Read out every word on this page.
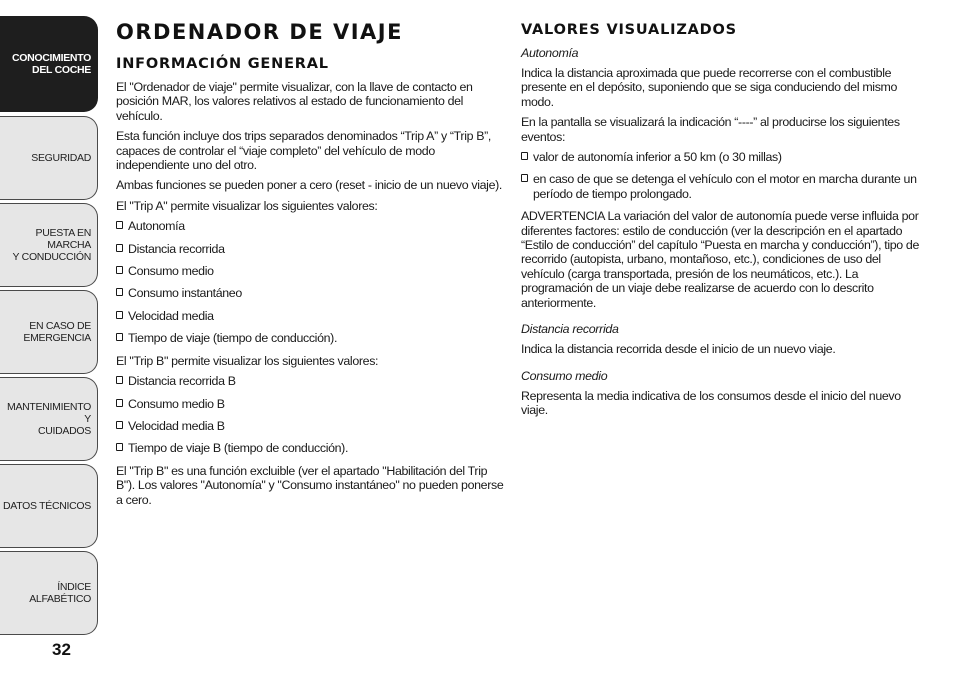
CONOCIMIENTO
DEL COCHE
SEGURIDAD
PUESTA EN MARCHA
Y CONDUCCIÓN
EN CASO DE
EMERGENCIA
MANTENIMIENTO Y
CUIDADOS
DATOS TÉCNICOS
ÍNDICE ALFABÉTICO
32
ORDENADOR DE VIAJE
INFORMACIÓN GENERAL

El "Ordenador de viaje" permite visualizar, con la llave de contacto en posición MAR, los valores relativos al estado de funcionamiento del vehículo.

Esta función incluye dos trips separados denominados “Trip A” y “Trip B”, capaces de controlar el “viaje completo” del vehículo de modo independiente uno del otro.

Ambas funciones se pueden poner a cero (reset - inicio de un nuevo viaje).

El "Trip A" permite visualizar los siguientes valores:

Autonomía
Distancia recorrida
Consumo medio
Consumo instantáneo
Velocidad media
Tiempo de viaje (tiempo de conducción).

El "Trip B" permite visualizar los siguientes valores:

Distancia recorrida B
Consumo medio B
Velocidad media B
Tiempo de viaje B (tiempo de conducción).

El "Trip B" es una función excluible (ver el apartado "Habilitación del Trip B"). Los valores "Autonomía" y "Consumo instantáneo" no pueden ponerse a cero.

VALORES VISUALIZADOS
Autonomía

Indica la distancia aproximada que puede recorrerse con el combustible presente en el depósito, suponiendo que se siga conduciendo del mismo modo.

En la pantalla se visualizará la indicación “----” al producirse los siguientes eventos:

valor de autonomía inferior a 50 km (o 30 millas)
en caso de que se detenga el vehículo con el motor en marcha durante un período de tiempo prolongado.

ADVERTENCIA La variación del valor de autonomía puede verse influida por diferentes factores: estilo de conducción (ver la descripción en el apartado “Estilo de conducción” del capítulo “Puesta en marcha y conducción”), tipo de recorrido (autopista, urbano, montañoso, etc.), condiciones de uso del vehículo (carga transportada, presión de los neumáticos, etc.). La programación de un viaje debe realizarse de acuerdo con lo descrito anteriormente.

Distancia recorrida

Indica la distancia recorrida desde el inicio de un nuevo viaje.

Consumo medio

Representa la media indicativa de los consumos desde el inicio del nuevo viaje.
